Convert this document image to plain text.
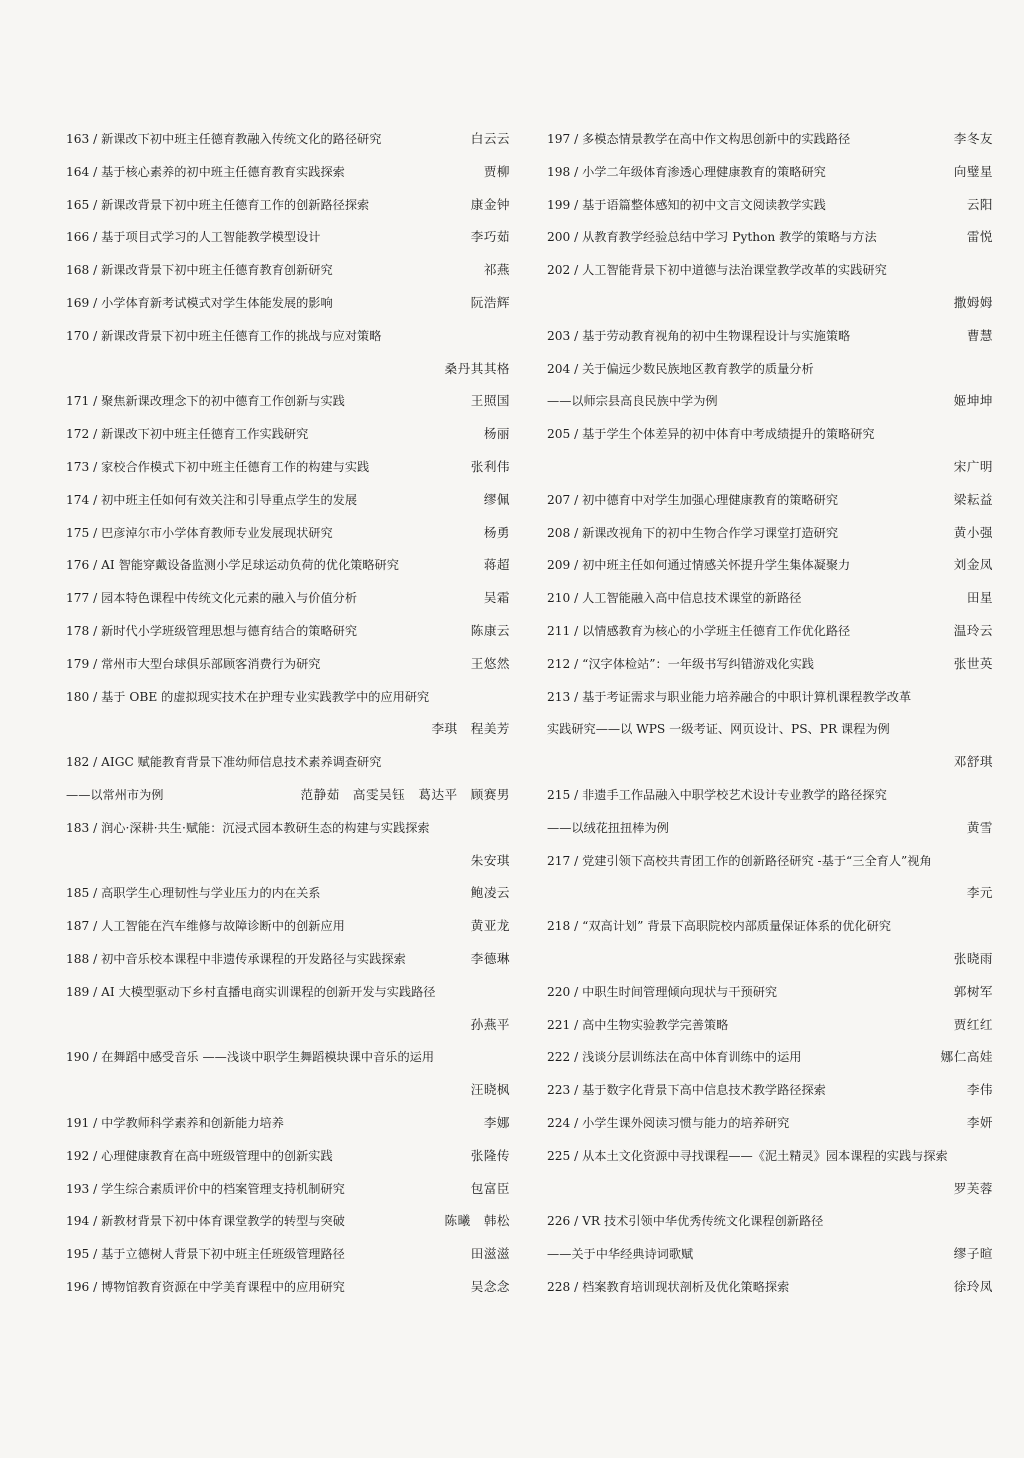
163 / 新课改下初中班主任德育教融入传统文化的路径研究	白云云
164 / 基于核心素养的初中班主任德育教育实践探索	贾柳
165 / 新课改背景下初中班主任德育工作的创新路径探索	康金钟
166 / 基于项目式学习的人工智能教学模型设计	李巧茹
168 / 新课改背景下初中班主任德育教育创新研究	祁燕
169 / 小学体育新考试模式对学生体能发展的影响	阮浩辉
170 / 新课改背景下初中班主任德育工作的挑战与应对策略
桑丹其其格
171 / 聚焦新课改理念下的初中德育工作创新与实践	王照国
172 / 新课改下初中班主任德育工作实践研究	杨丽
173 / 家校合作模式下初中班主任德育工作的构建与实践	张利伟
174 / 初中班主任如何有效关注和引导重点学生的发展	缪佩
175 / 巴彦淖尔市小学体育教师专业发展现状研究	杨勇
176 / AI 智能穿戴设备监测小学足球运动负荷的优化策略研究	蒋超
177 / 园本特色课程中传统文化元素的融入与价值分析	吴霜
178 / 新时代小学班级管理思想与德育结合的策略研究	陈康云
179 / 常州市大型台球俱乐部顾客消费行为研究	王悠然
180 / 基于 OBE 的虚拟现实技术在护理专业实践教学中的应用研究
李琪　程美芳
182 / AIGC 赋能教育背景下准幼师信息技术素养调查研究
——以常州市为例	范静茹　高雯吴钰　葛达平　顾赛男
183 / 润心·深耕·共生·赋能：沉浸式园本教研生态的构建与实践探索
朱安琪
185 / 高职学生心理韧性与学业压力的内在关系	鲍凌云
187 / 人工智能在汽车维修与故障诊断中的创新应用	黄亚龙
188 / 初中音乐校本课程中非遗传承课程的开发路径与实践探索	李德琳
189 / AI 大模型驱动下乡村直播电商实训课程的创新开发与实践路径
孙燕平
190 / 在舞蹈中感受音乐 ——浅谈中职学生舞蹈模块课中音乐的运用
汪晓枫
191 / 中学教师科学素养和创新能力培养	李娜
192 / 心理健康教育在高中班级管理中的创新实践	张隆传
193 / 学生综合素质评价中的档案管理支持机制研究	包富臣
194 / 新教材背景下初中体育课堂教学的转型与突破	陈曦　韩松
195 / 基于立德树人背景下初中班主任班级管理路径	田滋滋
196 / 博物馆教育资源在中学美育课程中的应用研究	吴念念
197 / 多模态情景教学在高中作文构思创新中的实践路径	李冬友
198 / 小学二年级体育渗透心理健康教育的策略研究	向璧星
199 / 基于语篇整体感知的初中文言文阅读教学实践	云阳
200 / 从教育教学经验总结中学习 Python 教学的策略与方法	雷悦
202 / 人工智能背景下初中道德与法治课堂教学改革的实践研究
撒姆姆
203 / 基于劳动教育视角的初中生物课程设计与实施策略	曹慧
204 / 关于偏远少数民族地区教育教学的质量分析
——以师宗县高良民族中学为例	姬坤坤
205 / 基于学生个体差异的初中体育中考成绩提升的策略研究
宋广明
207 / 初中德育中对学生加强心理健康教育的策略研究	梁耘益
208 / 新课改视角下的初中生物合作学习课堂打造研究	黄小强
209 / 初中班主任如何通过情感关怀提升学生集体凝聚力	刘金凤
210 / 人工智能融入高中信息技术课堂的新路径	田星
211 / 以情感教育为核心的小学班主任德育工作优化路径	温玲云
212 / “汉字体检站”：一年级书写纠错游戏化实践	张世英
213 / 基于考证需求与职业能力培养融合的中职计算机课程教学改革
实践研究——以 WPS 一级考证、网页设计、PS、PR 课程为例
邓舒琪
215 / 非遗手工作品融入中职学校艺术设计专业教学的路径探究
——以绒花扭扭棒为例	黄雪
217 / 党建引领下高校共青团工作的创新路径研究 -基于“三全育人”视角
李元
218 / “双高计划” 背景下高职院校内部质量保证体系的优化研究
张晓雨
220 / 中职生时间管理倾向现状与干预研究	郭树军
221 / 高中生物实验教学完善策略	贾红红
222 / 浅谈分层训练法在高中体育训练中的运用	娜仁高娃
223 / 基于数字化背景下高中信息技术教学路径探索	李伟
224 / 小学生课外阅读习惯与能力的培养研究	李妍
225 / 从本土文化资源中寻找课程——《泥土精灵》园本课程的实践与探索
罗芙蓉
226 / VR 技术引领中华优秀传统文化课程创新路径
——关于中华经典诗词歌赋	缪子暄
228 / 档案教育培训现状剖析及优化策略探索	徐玲凤
